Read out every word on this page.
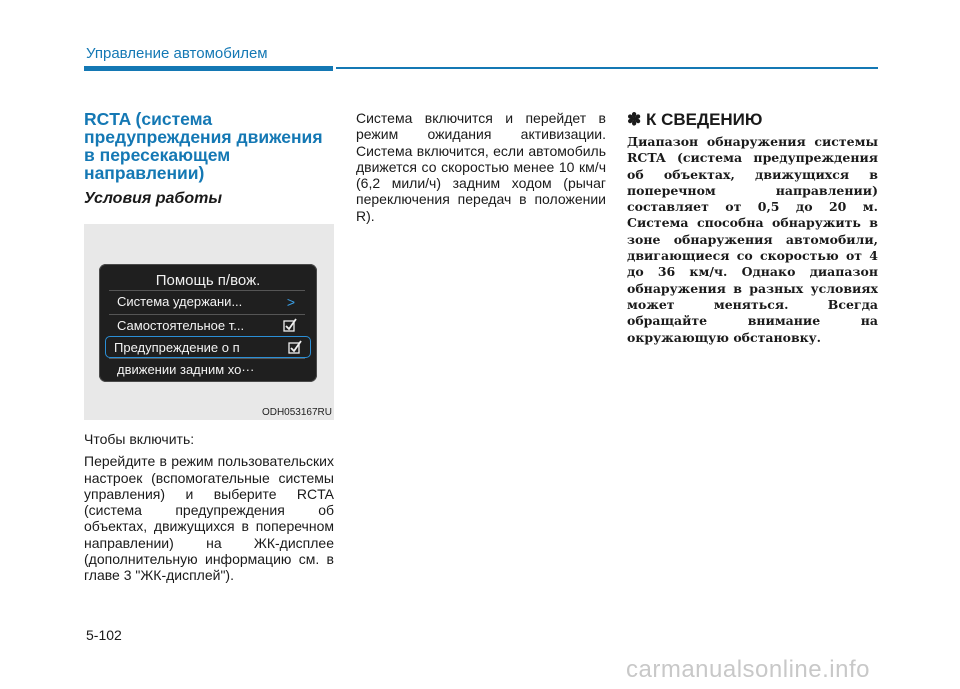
Управление автомобилем
RCTA (система предупреждения движения в пересекающем направлении)
Условия работы
Помощь п/вож.
Система удержани...	>
Самостоятельное т...
Предупреждение о п
движении задним хо···
ODH053167RU

Чтобы включить:

Перейдите в режим пользовательских настроек (вспомогательные системы управления) и выберите RCTA (система предупреждения об объектах, движущихся в поперечном направлении) на ЖК-дисплее (дополнительную информацию см. в главе 3 "ЖК-дисплей").

Система включится и перейдет в режим ожидания активизации. Система включится, если автомобиль движется со скоростью менее 10 км/ч (6,2 мили/ч) задним ходом (рычаг переключения передач в положении R).

✽ К СВЕДЕНИЮ
Диапазон обнаружения системы RCTA (система предупреждения об объектах, движущихся в поперечном направлении) составляет от 0,5 до 20 м. Система способна обнаружить в зоне обнаружения автомобили, двигающиеся со скоростью от 4 до 36 км/ч. Однако диапазон обнаружения в разных условиях может меняться. Всегда обращайте внимание на окружающую обстановку.
5-102
carmanualsonline.info
